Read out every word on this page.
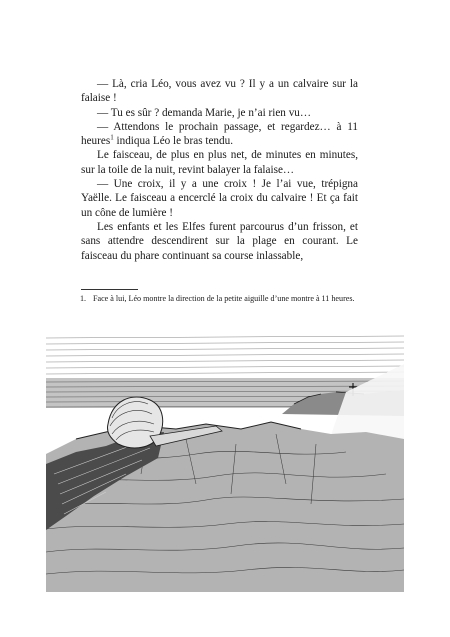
— Là, cria Léo, vous avez vu ? Il y a un calvaire sur la falaise !

— Tu es sûr ? demanda Marie, je n’ai rien vu…

— Attendons le prochain passage, et regardez… à 11 heures$^1$ indiqua Léo le bras tendu.

Le faisceau, de plus en plus net, de minutes en minutes, sur la toile de la nuit, revint balayer la falaise…

— Une croix, il y a une croix ! Je l’ai vue, trépigna Yaëlle. Le faisceau a encerclé la croix du calvaire ! Et ça fait un cône de lumière !

Les enfants et les Elfes furent parcourus d’un frisson, et sans attendre descendirent sur la plage en courant. Le faisceau du phare continuant sa course inlassable,

1. Face à lui, Léo montre la direction de la petite aiguille d’une montre à 11 heures.
